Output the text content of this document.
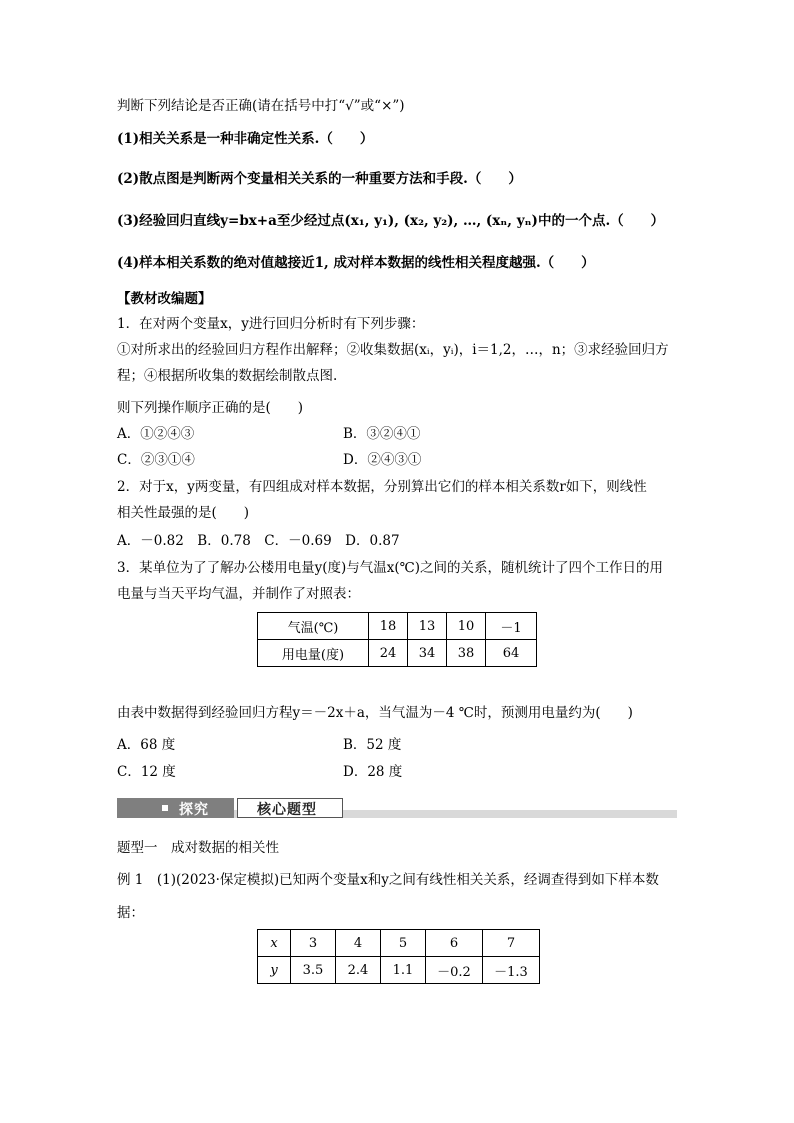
判断下列结论是否正确(请在括号中打“√”或“×”)
(1)相关关系是一种非确定性关系.（　　）
(2)散点图是判断两个变量相关关系的一种重要方法和手段.（　　）
(3)经验回归直线y=bx+a至少经过点(x₁, y₁), (x₂, y₂), …, (xₙ, yₙ)中的一个点.（　　）
(4)样本相关系数的绝对值越接近1, 成对样本数据的线性相关程度越强.（　　）
【教材改编题】
1．在对两个变量x，y进行回归分析时有下列步骤：
①对所求出的经验回归方程作出解释；②收集数据(xᵢ，yᵢ)，i＝1,2，…，n；③求经验回归方
程；④根据所收集的数据绘制散点图.
则下列操作顺序正确的是(　　)
A．①②④③	B．③②④①
C．②③①④	D．②④③①
2．对于x，y两变量，有四组成对样本数据，分别算出它们的样本相关系数r如下，则线性
相关性最强的是(　　)
A．－0.82　B．0.78　C．－0.69　D．0.87
3．某单位为了了解办公楼用电量y(度)与气温x(℃)之间的关系，随机统计了四个工作日的用
电量与当天平均气温，并制作了对照表：
气温(℃)	18	13	10	－1
用电量(度)	24	34	38	64
由表中数据得到经验回归方程y＝－2x＋a，当气温为－4 ℃时，预测用电量约为(　　)
A．68 度	B．52 度
C．12 度	D．28 度
探究	核心题型
题型一　成对数据的相关性
例 1　(1)(2023·保定模拟)已知两个变量x和y之间有线性相关关系，经调查得到如下样本数
据：
x	3	4	5	6	7
y	3.5	2.4	1.1	－0.2	－1.3
